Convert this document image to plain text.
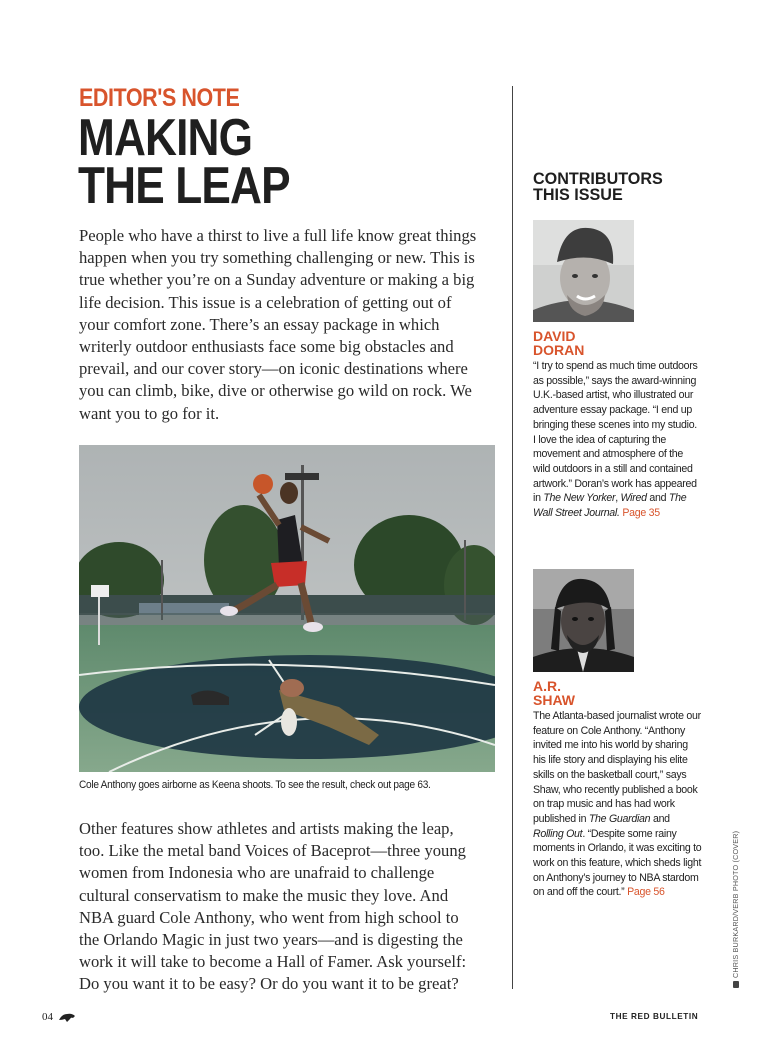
EDITOR'S NOTE
MAKING
THE LEAP

People who have a thirst to live a full life know great things happen when you try something challenging or new. This is true whether you’re on a Sunday adventure or making a big life decision. This issue is a celebration of getting out of your comfort zone. There’s an essay package in which writerly outdoor enthusiasts face some big obstacles and prevail, and our cover story—on iconic destinations where you can climb, bike, dive or otherwise go wild on rock. We want you to go for it.

Cole Anthony goes airborne as Keena shoots. To see the result, check out page 63.

Other features show athletes and artists making the leap, too. Like the metal band Voices of Baceprot—three young women from Indonesia who are unafraid to challenge cultural conservatism to make the music they love. And NBA guard Cole Anthony, who went from high school to the Orlando Magic in just two years—and is digesting the work it will take to become a Hall of Famer. Ask yourself: Do you want it to be easy? Or do you want it to be great?

CONTRIBUTORS
THIS ISSUE
DAVID
DORAN

“I try to spend as much time outdoors as possible,” says the award-winning U.K.-based artist, who illustrated our adventure essay package. “I end up bringing these scenes into my studio. I love the idea of capturing the movement and atmosphere of the wild outdoors in a still and contained artwork.” Doran’s work has appeared in The New Yorker, Wired and The Wall Street Journal. Page 35

A.R.
SHAW

The Atlanta-based journalist wrote our feature on Cole Anthony. “Anthony invited me into his world by sharing his life story and displaying his elite skills on the basketball court,” says Shaw, who recently published a book on trap music and has had work published in The Guardian and Rolling Out. “Despite some rainy moments in Orlando, it was exciting to work on this feature, which sheds light on Anthony’s journey to NBA stardom on and off the court.” Page 56	CHRIS BURKARD/VERB PHOTO (COVER)
04	THE RED BULLETIN
